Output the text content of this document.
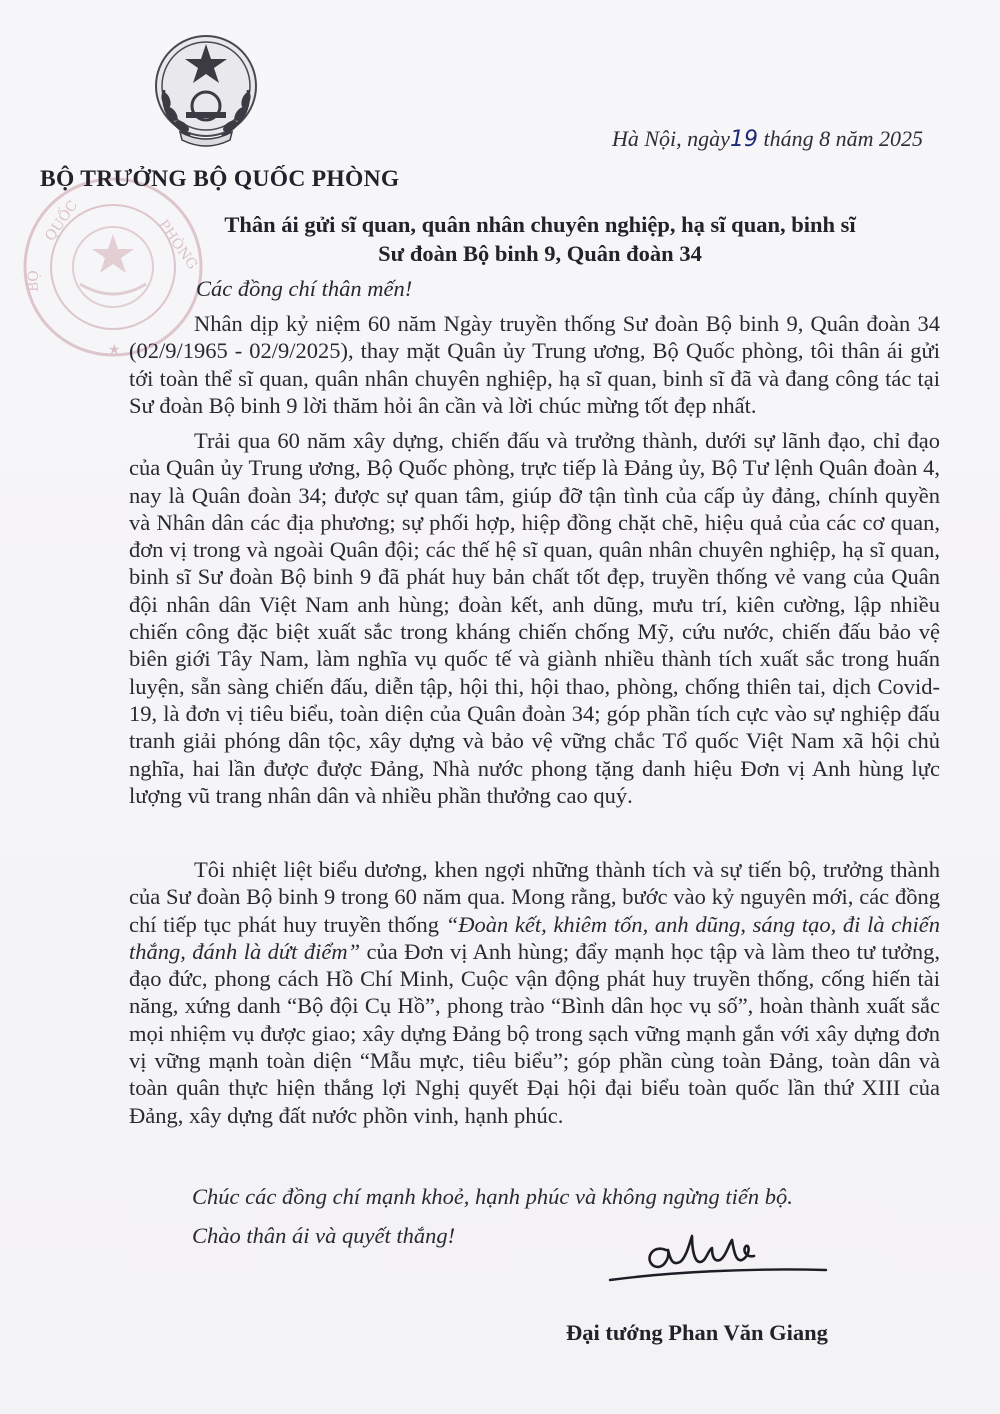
QUỐC	PHÒNG
BỘ
★
BỘ TRƯỞNG BỘ QUỐC PHÒNG
Hà Nội, ngày19 tháng 8 năm 2025
Thân ái gửi sĩ quan, quân nhân chuyên nghiệp, hạ sĩ quan, binh sĩ
Sư đoàn Bộ binh 9, Quân đoàn 34
Các đồng chí thân mến!

Nhân dịp kỷ niệm 60 năm Ngày truyền thống Sư đoàn Bộ binh 9, Quân đoàn 34 (02/9/1965 - 02/9/2025), thay mặt Quân ủy Trung ương, Bộ Quốc phòng, tôi thân ái gửi tới toàn thể sĩ quan, quân nhân chuyên nghiệp, hạ sĩ quan, binh sĩ đã và đang công tác tại Sư đoàn Bộ binh 9 lời thăm hỏi ân cần và lời chúc mừng tốt đẹp nhất.

Trải qua 60 năm xây dựng, chiến đấu và trưởng thành, dưới sự lãnh đạo, chỉ đạo của Quân ủy Trung ương, Bộ Quốc phòng, trực tiếp là Đảng ủy, Bộ Tư lệnh Quân đoàn 4, nay là Quân đoàn 34; được sự quan tâm, giúp đỡ tận tình của cấp ủy đảng, chính quyền và Nhân dân các địa phương; sự phối hợp, hiệp đồng chặt chẽ, hiệu quả của các cơ quan, đơn vị trong và ngoài Quân đội; các thế hệ sĩ quan, quân nhân chuyên nghiệp, hạ sĩ quan, binh sĩ Sư đoàn Bộ binh 9 đã phát huy bản chất tốt đẹp, truyền thống vẻ vang của Quân đội nhân dân Việt Nam anh hùng; đoàn kết, anh dũng, mưu trí, kiên cường, lập nhiều chiến công đặc biệt xuất sắc trong kháng chiến chống Mỹ, cứu nước, chiến đấu bảo vệ biên giới Tây Nam, làm nghĩa vụ quốc tế và giành nhiều thành tích xuất sắc trong huấn luyện, sẵn sàng chiến đấu, diễn tập, hội thi, hội thao, phòng, chống thiên tai, dịch Covid-19, là đơn vị tiêu biểu, toàn diện của Quân đoàn 34; góp phần tích cực vào sự nghiệp đấu tranh giải phóng dân tộc, xây dựng và bảo vệ vững chắc Tổ quốc Việt Nam xã hội chủ nghĩa, hai lần được được Đảng, Nhà nước phong tặng danh hiệu Đơn vị Anh hùng lực lượng vũ trang nhân dân và nhiều phần thưởng cao quý.

Tôi nhiệt liệt biểu dương, khen ngợi những thành tích và sự tiến bộ, trưởng thành của Sư đoàn Bộ binh 9 trong 60 năm qua. Mong rằng, bước vào kỷ nguyên mới, các đồng chí tiếp tục phát huy truyền thống “Đoàn kết, khiêm tốn, anh dũng, sáng tạo, đi là chiến thắng, đánh là dứt điểm” của Đơn vị Anh hùng; đẩy mạnh học tập và làm theo tư tưởng, đạo đức, phong cách Hồ Chí Minh, Cuộc vận động phát huy truyền thống, cống hiến tài năng, xứng danh “Bộ đội Cụ Hồ”, phong trào “Bình dân học vụ số”, hoàn thành xuất sắc mọi nhiệm vụ được giao; xây dựng Đảng bộ trong sạch vững mạnh gắn với xây dựng đơn vị vững mạnh toàn diện “Mẫu mực, tiêu biểu”; góp phần cùng toàn Đảng, toàn dân và toàn quân thực hiện thắng lợi Nghị quyết Đại hội đại biểu toàn quốc lần thứ XIII của Đảng, xây dựng đất nước phồn vinh, hạnh phúc.

Chúc các đồng chí mạnh khoẻ, hạnh phúc và không ngừng tiến bộ.
Chào thân ái và quyết thắng!
Đại tướng Phan Văn Giang
